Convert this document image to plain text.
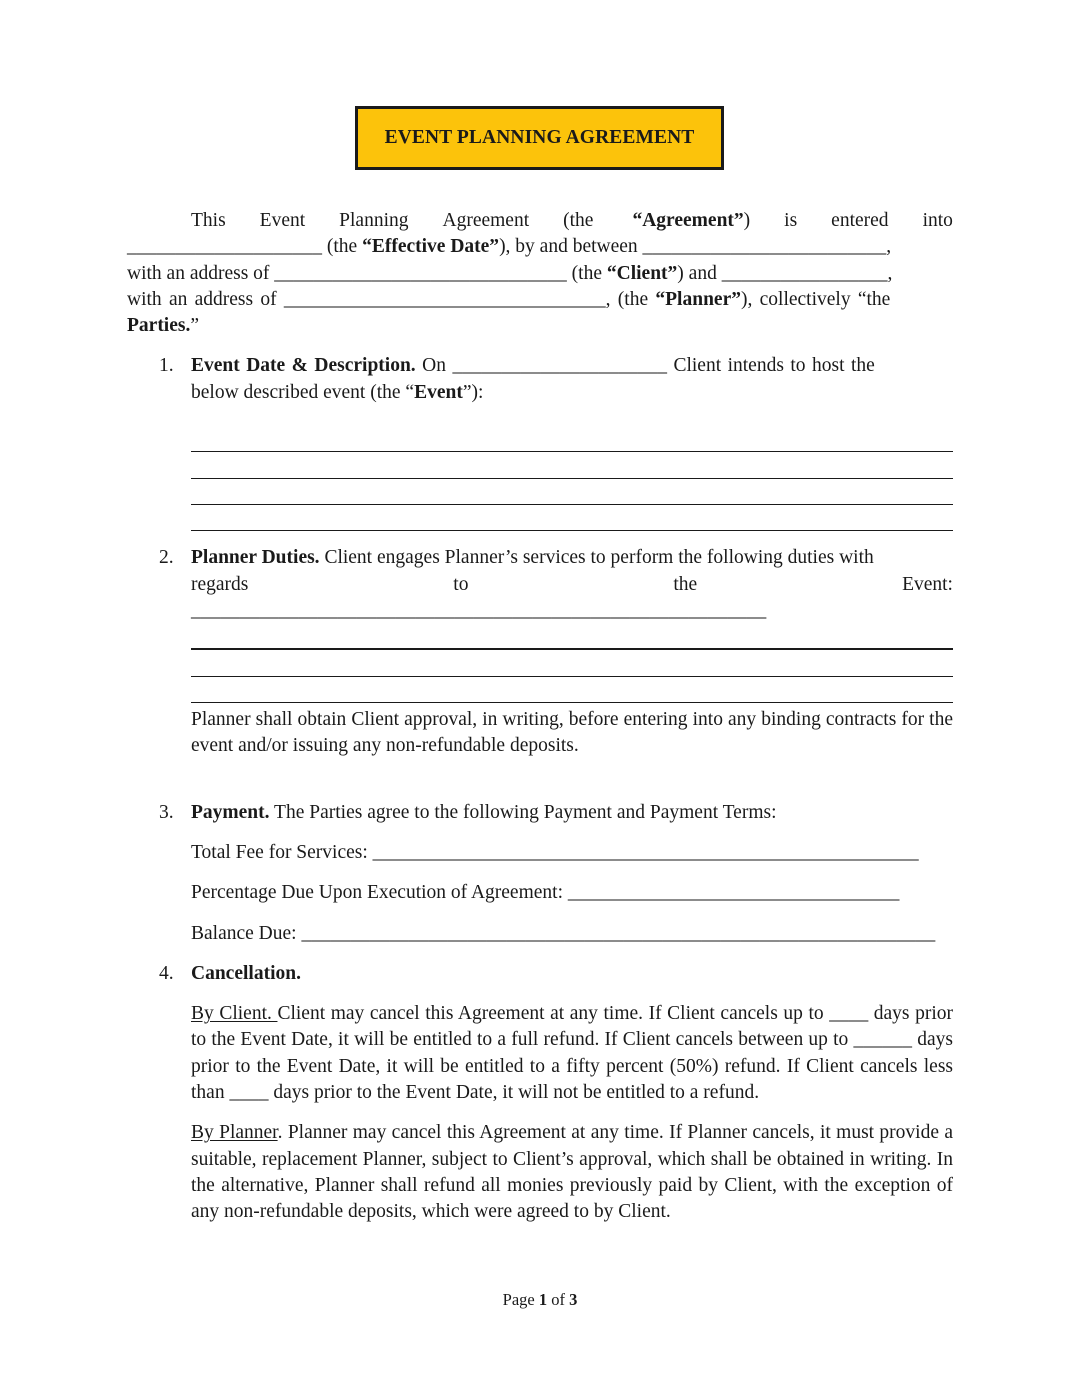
EVENT PLANNING AGREEMENT
This Event Planning Agreement (the “Agreement”) is entered into
____________________ (the “Effective Date”), by and between _________________________,
with an address of ______________________________ (the “Client”) and _________________,
with an address of _________________________________, (the “Planner”), collectively “the
Parties.”
1. Event Date & Description. On ______________________ Client intends to host the
below described event (the “Event”):
2. Planner Duties. Client engages Planner’s services to perform the following duties with
regards	to	the	Event:
___________________________________________________________

Planner shall obtain Client approval, in writing, before entering into any binding contracts for the event and/or issuing any non-refundable deposits.

3. Payment. The Parties agree to the following Payment and Payment Terms:
Total Fee for Services: ________________________________________________________
Percentage Due Upon Execution of Agreement: __________________________________
Balance Due: _________________________________________________________________
4. Cancellation.

By Client. Client may cancel this Agreement at any time. If Client cancels up to ____ days prior to the Event Date, it will be entitled to a full refund. If Client cancels between up to ______ days prior to the Event Date, it will be entitled to a fifty percent (50%) refund. If Client cancels less than ____ days prior to the Event Date, it will not be entitled to a refund.

By Planner. Planner may cancel this Agreement at any time. If Planner cancels, it must provide a suitable, replacement Planner, subject to Client’s approval, which shall be obtained in writing. In the alternative, Planner shall refund all monies previously paid by Client, with the exception of any non-refundable deposits, which were agreed to by Client.

Page 1 of 3
